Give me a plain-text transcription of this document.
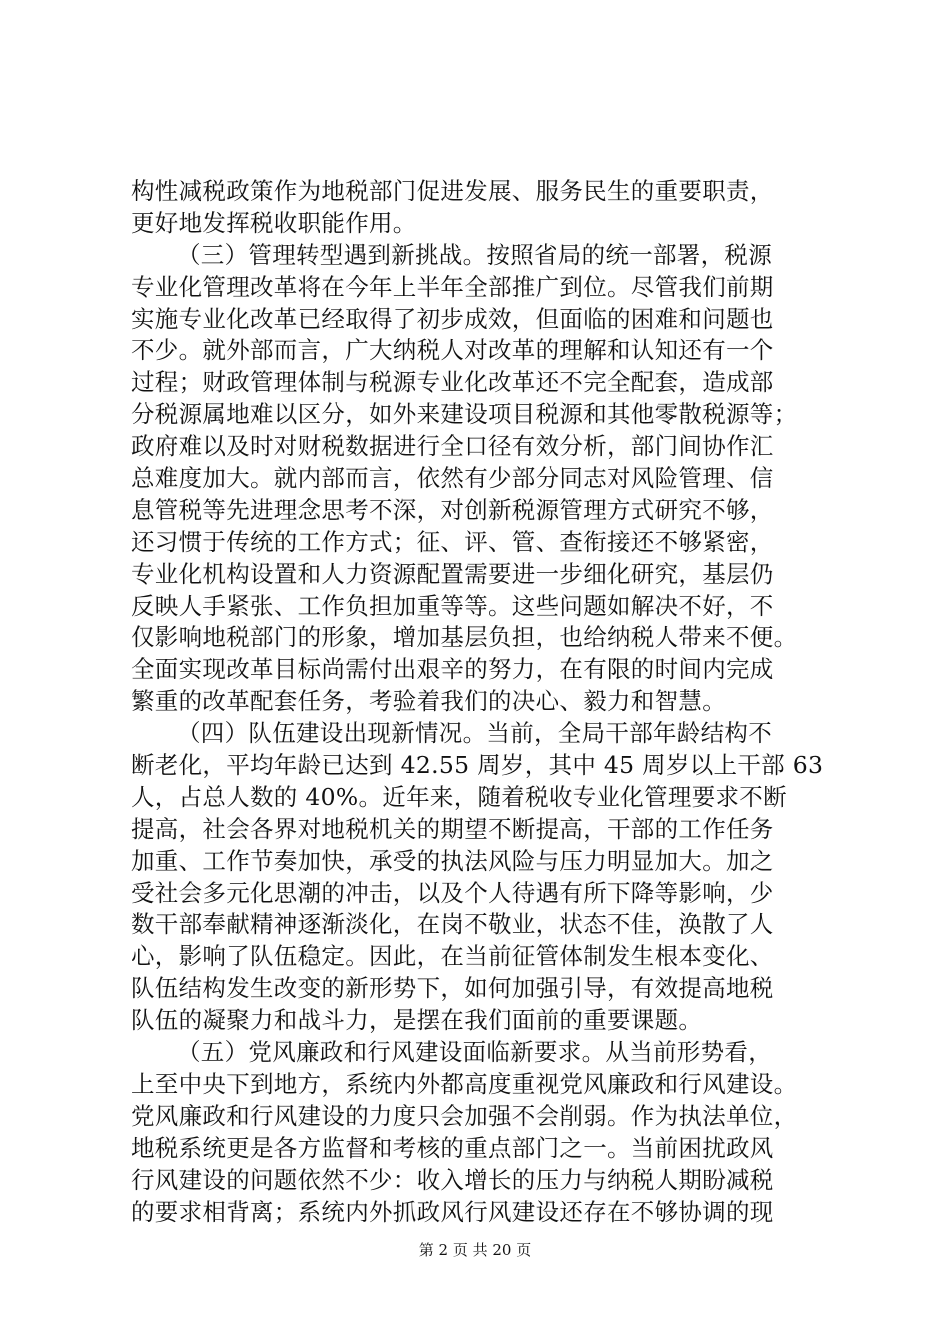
构性减税政策作为地税部门促进发展、服务民生的重要职责，
更好地发挥税收职能作用。
（三）管理转型遇到新挑战。按照省局的统一部署，税源
专业化管理改革将在今年上半年全部推广到位。尽管我们前期
实施专业化改革已经取得了初步成效，但面临的困难和问题也
不少。就外部而言，广大纳税人对改革的理解和认知还有一个
过程；财政管理体制与税源专业化改革还不完全配套，造成部
分税源属地难以区分，如外来建设项目税源和其他零散税源等；
政府难以及时对财税数据进行全口径有效分析，部门间协作汇
总难度加大。就内部而言，依然有少部分同志对风险管理、信
息管税等先进理念思考不深，对创新税源管理方式研究不够，
还习惯于传统的工作方式；征、评、管、查衔接还不够紧密，
专业化机构设置和人力资源配置需要进一步细化研究，基层仍
反映人手紧张、工作负担加重等等。这些问题如解决不好，不
仅影响地税部门的形象，增加基层负担，也给纳税人带来不便。
全面实现改革目标尚需付出艰辛的努力，在有限的时间内完成
繁重的改革配套任务，考验着我们的决心、毅力和智慧。
（四）队伍建设出现新情况。当前，全局干部年龄结构不
断老化，平均年龄已达到 42.55 周岁，其中 45 周岁以上干部 63
人，占总人数的 40%。近年来，随着税收专业化管理要求不断
提高，社会各界对地税机关的期望不断提高，干部的工作任务
加重、工作节奏加快，承受的执法风险与压力明显加大。加之
受社会多元化思潮的冲击，以及个人待遇有所下降等影响，少
数干部奉献精神逐渐淡化，在岗不敬业，状态不佳，涣散了人
心，影响了队伍稳定。因此，在当前征管体制发生根本变化、
队伍结构发生改变的新形势下，如何加强引导，有效提高地税
队伍的凝聚力和战斗力，是摆在我们面前的重要课题。
（五）党风廉政和行风建设面临新要求。从当前形势看，
上至中央下到地方，系统内外都高度重视党风廉政和行风建设。
党风廉政和行风建设的力度只会加强不会削弱。作为执法单位，
地税系统更是各方监督和考核的重点部门之一。当前困扰政风
行风建设的问题依然不少：收入增长的压力与纳税人期盼减税
的要求相背离；系统内外抓政风行风建设还存在不够协调的现
第 2 页 共 20 页
